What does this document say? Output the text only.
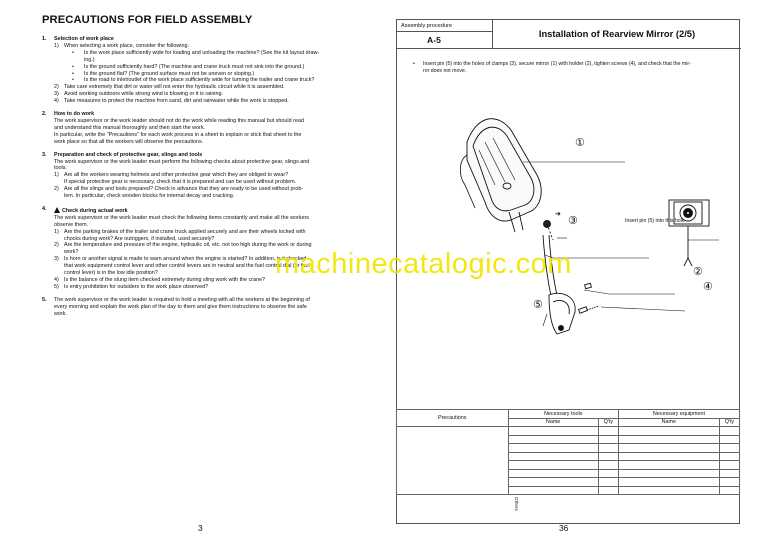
PRECAUTIONS FOR FIELD ASSEMBLY
1. Selection of work place
1) When selecting a work place, consider the following.
•	Is the work place sufficiently wide for loading and unloading the machine? (See the kit layout draw-
ing.)
•	Is the ground sufficiently hard? (The machine and crane truck must not sink into the ground.)
•	Is the ground flat? (The ground surface must not be uneven or sloping.)
•	Is the road to inlet/outlet of the work place sufficiently wide for turning the trailer and crane truck?
2) Take care extremely that dirt or water will not enter the hydraulic circuit while it is assembled.
3) Avoid working outdoors while strong wind is blowing or it is raining.
4) Take measures to protect the machine from sand, dirt and rainwater while the work is stopped.
2. How to do work

The work supervisor or the work leader should not do the work while reading this manual but should read

and understand this manual thoroughly and then start the work.

In particular, write the "Precautions" for each work process in a sheet to explain or stick that sheet to the

work place so that all the workers will observe the precautions.

3. Preparation and check of protective gear, slings and tools

The work supervisor or the work leader must perform the following checks about protective gear, slings and

tools.

1) Are all the workers wearing helmets and other protective gear which they are obliged to wear?
If special protective gear is necessary, check that it is prepared and can be used without problem.
2) Are all the slings and tools prepared? Check in advance that they are ready to be used without prob-
lem. In particular, check wooden blocks for internal decay and cracking.
4.	Check during actual work

The work supervisor or the work leader must check the following items constantly and make all the workers

observe them.

1) Are the parking brakes of the trailer and crane truck applied securely and are their wheels locked with
chocks during work? Are outriggers, if installed, used securely?
2) Are the temperature and pressure of the engine, hydraulic oil, etc. not too high during the work or during
work?
3) Is horn or another signal is made to warn around when the engine is started? In addition, is it checked
that work equipment control lever and other control levers are in neutral and the fuel control dial (or fuel
control lever) is in the low idle position?
4) Is the balance of the slung item checked extremely during sling work with the crane?
5) Is entry prohibition for outsiders to the work place observed?
5.	The work supervisor or the work leader is required to hold a meeting with all the workers at the beginning of

every morning and explain the work plan of the day to them and give them instructions to observe the safe

work.

3
Assembly procedure
A-5
Installation of Rearview Mirror (2/5)
•	Insert pin (5) into the holes of clamps (3), secure mirror (1) with holder (2), tighten screws (4), and check that the mir-
ror does not move.
①
➜
③	Insert pin (5) into this hole
②
④
⑤
Precautions	Necessary tools		Necessary equipment	
	Name	Q'ty	Name	Q'ty

36
Others
machinecatalogic.com
